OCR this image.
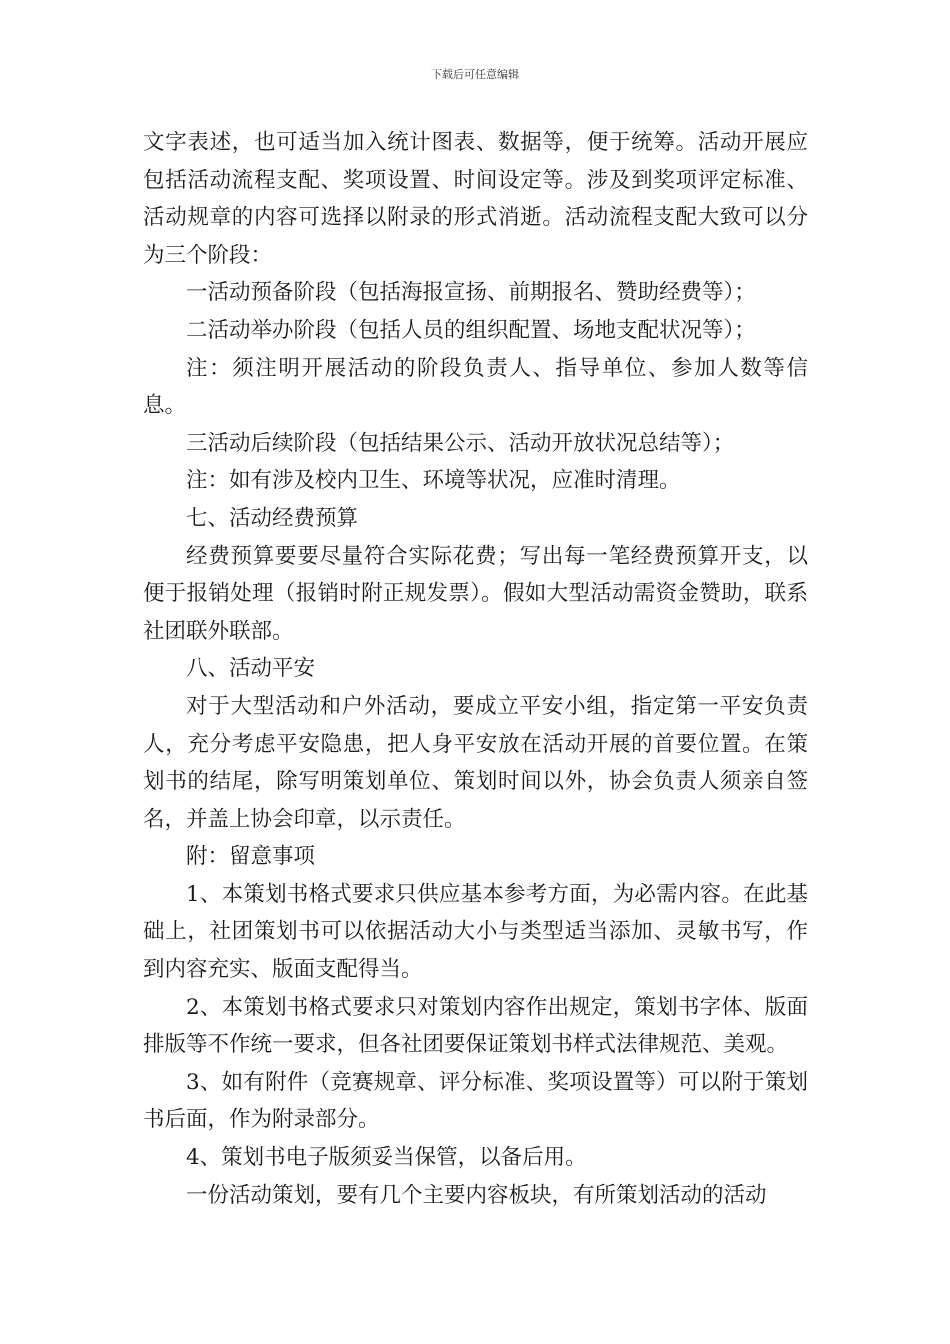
下载后可任意编辑

文字表述，也可适当加入统计图表、数据等，便于统筹。活动开展应包括活动流程支配、奖项设置、时间设定等。涉及到奖项评定标准、活动规章的内容可选择以附录的形式消逝。活动流程支配大致可以分为三个阶段：

一活动预备阶段（包括海报宣扬、前期报名、赞助经费等）；

二活动举办阶段（包括人员的组织配置、场地支配状况等）；

注：须注明开展活动的阶段负责人、指导单位、参加人数等信息。

三活动后续阶段（包括结果公示、活动开放状况总结等）；

注：如有涉及校内卫生、环境等状况，应准时清理。

七、活动经费预算

经费预算要要尽量符合实际花费；写出每一笔经费预算开支，以便于报销处理（报销时附正规发票）。假如大型活动需资金赞助，联系社团联外联部。

八、活动平安

对于大型活动和户外活动，要成立平安小组，指定第一平安负责人，充分考虑平安隐患，把人身平安放在活动开展的首要位置。在策划书的结尾，除写明策划单位、策划时间以外，协会负责人须亲自签名，并盖上协会印章，以示责任。

附：留意事项

1、本策划书格式要求只供应基本参考方面，为必需内容。在此基础上，社团策划书可以依据活动大小与类型适当添加、灵敏书写，作到内容充实、版面支配得当。

2、本策划书格式要求只对策划内容作出规定，策划书字体、版面排版等不作统一要求，但各社团要保证策划书样式法律规范、美观。

3、如有附件（竞赛规章、评分标准、奖项设置等）可以附于策划书后面，作为附录部分。

4、策划书电子版须妥当保管，以备后用。

一份活动策划，要有几个主要内容板块，有所策划活动的活动
